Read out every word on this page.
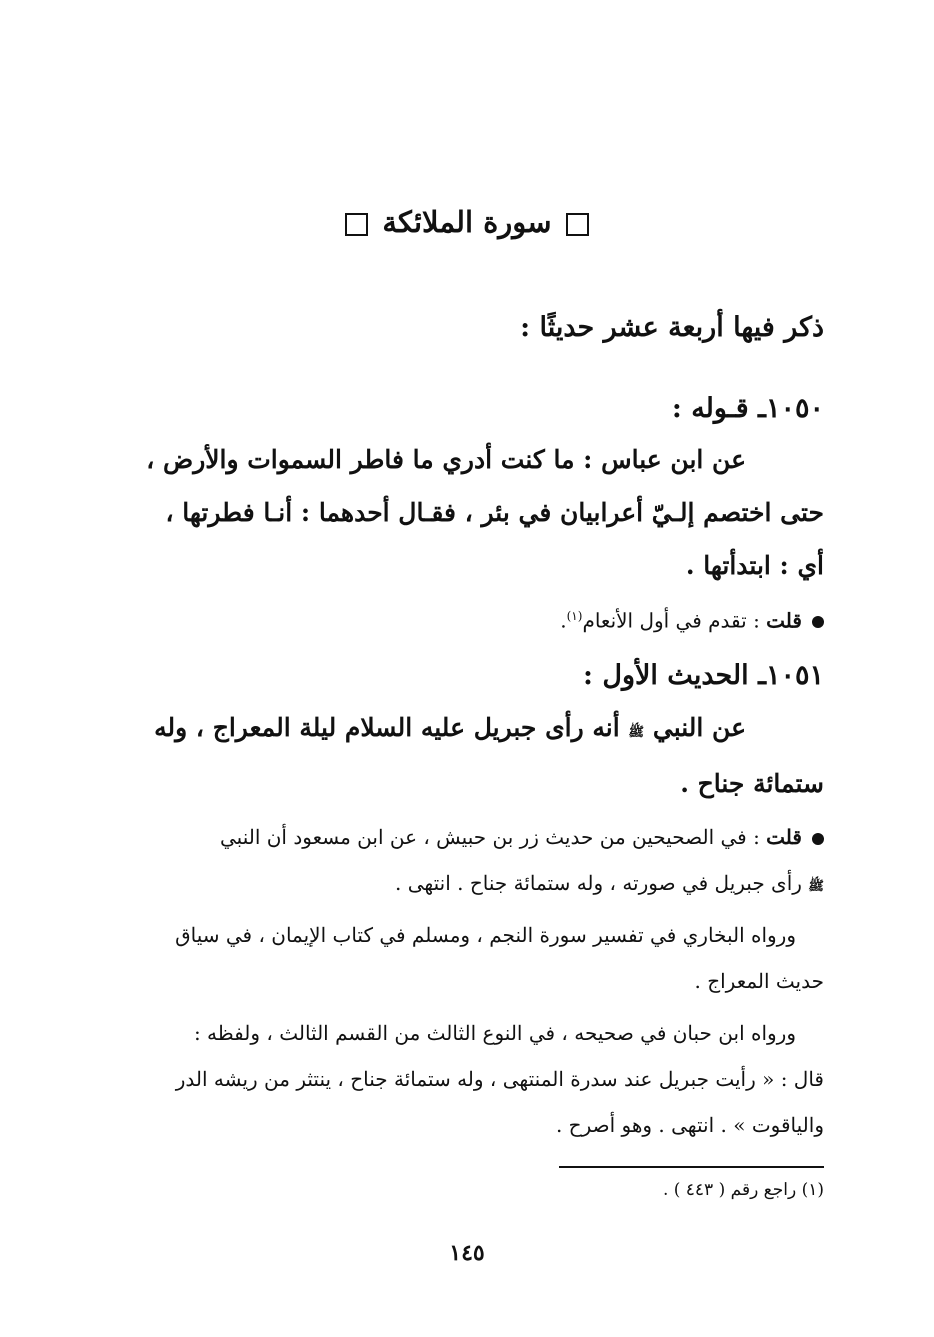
سورة الملائكة
ذكر فيها أربعة عشر حديثًا :
١٠٥٠ـ قـوله :
عن ابن عباس : ما كنت أدري ما فاطر السموات والأرض ،
حتى اختصم إلـيّ أعرابيان في بئر ، فقـال أحدهما : أنـا فطرتها ،
أي : ابتدأتها .
قلت : تقدم في أول الأنعام$^{(١)}$.
١٠٥١ـ الحديث الأول :
عن النبي ﷺ أنه رأى جبريل عليه السلام ليلة المعراج ، وله
ستمائة جناح .
قلت : في الصحيحين من حديث زر بن حبيش ، عن ابن مسعود أن النبي
ﷺ رأى جبريل في صورته ، وله ستمائة جناح . انتهى .
ورواه البخاري في تفسير سورة النجم ، ومسلم في كتاب الإيمان ، في سياق
حديث المعراج .
ورواه ابن حبان في صحيحه ، في النوع الثالث من القسم الثالث ، ولفظه :
قال : « رأيت جبريل عند سدرة المنتهى ، وله ستمائة جناح ، ينتثر من ريشه الدر
والياقوت » . انتهى . وهو أصرح .
(١) راجع رقم ( ٤٤٣ ) .
١٤٥
